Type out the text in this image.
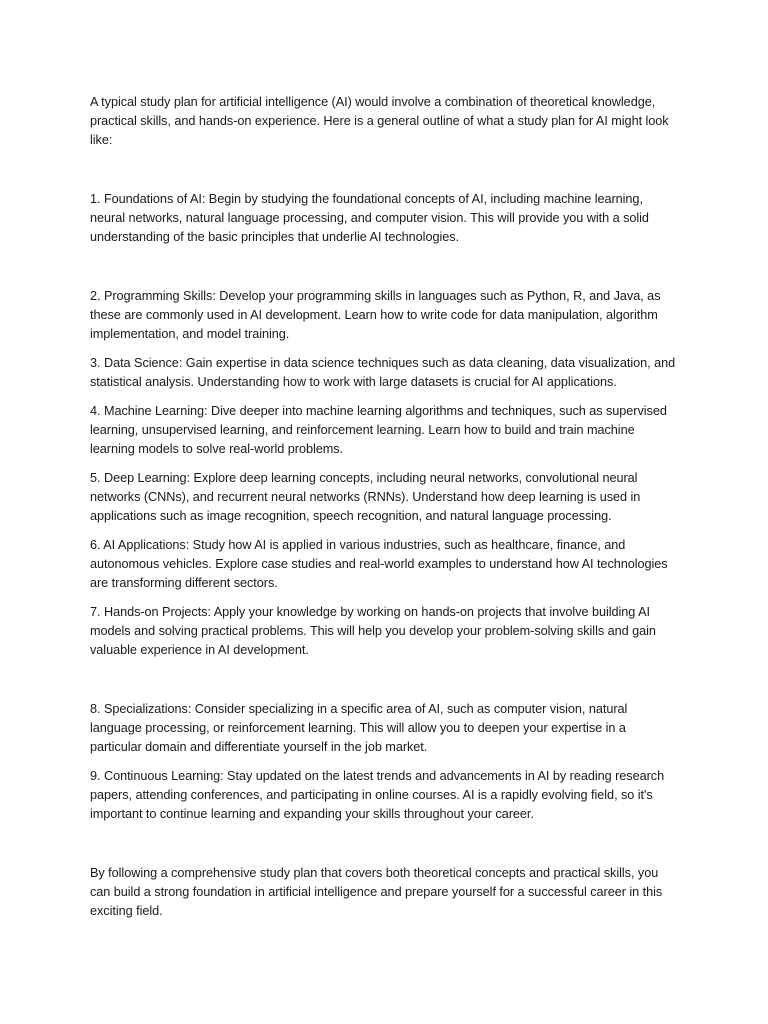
A typical study plan for artificial intelligence (AI) would involve a combination of theoretical knowledge, practical skills, and hands-on experience. Here is a general outline of what a study plan for AI might look like:

1. Foundations of AI: Begin by studying the foundational concepts of AI, including machine learning, neural networks, natural language processing, and computer vision. This will provide you with a solid understanding of the basic principles that underlie AI technologies.

2. Programming Skills: Develop your programming skills in languages such as Python, R, and Java, as these are commonly used in AI development. Learn how to write code for data manipulation, algorithm implementation, and model training.

3. Data Science: Gain expertise in data science techniques such as data cleaning, data visualization, and statistical analysis. Understanding how to work with large datasets is crucial for AI applications.

4. Machine Learning: Dive deeper into machine learning algorithms and techniques, such as supervised learning, unsupervised learning, and reinforcement learning. Learn how to build and train machine learning models to solve real-world problems.

5. Deep Learning: Explore deep learning concepts, including neural networks, convolutional neural networks (CNNs), and recurrent neural networks (RNNs). Understand how deep learning is used in applications such as image recognition, speech recognition, and natural language processing.

6. AI Applications: Study how AI is applied in various industries, such as healthcare, finance, and autonomous vehicles. Explore case studies and real-world examples to understand how AI technologies are transforming different sectors.

7. Hands-on Projects: Apply your knowledge by working on hands-on projects that involve building AI models and solving practical problems. This will help you develop your problem-solving skills and gain valuable experience in AI development.

8. Specializations: Consider specializing in a specific area of AI, such as computer vision, natural language processing, or reinforcement learning. This will allow you to deepen your expertise in a particular domain and differentiate yourself in the job market.

9. Continuous Learning: Stay updated on the latest trends and advancements in AI by reading research papers, attending conferences, and participating in online courses. AI is a rapidly evolving field, so it's important to continue learning and expanding your skills throughout your career.

By following a comprehensive study plan that covers both theoretical concepts and practical skills, you can build a strong foundation in artificial intelligence and prepare yourself for a successful career in this exciting field.
